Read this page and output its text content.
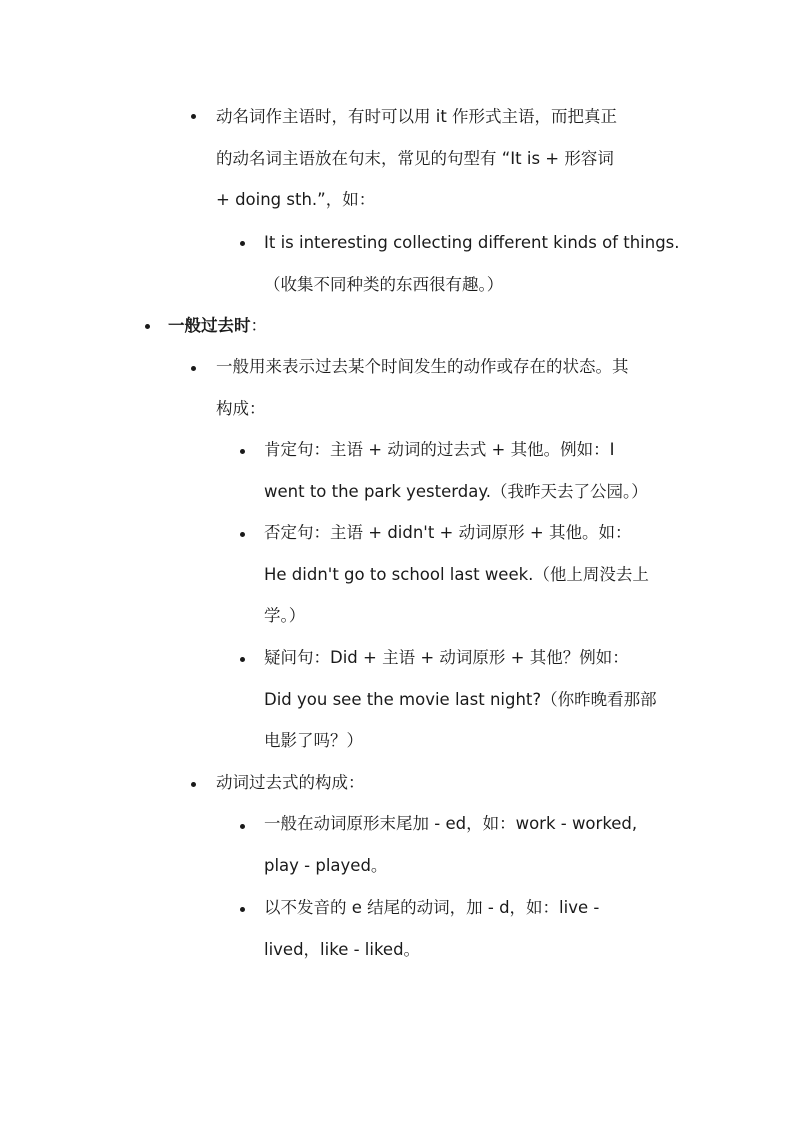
动名词作主语时，有时可以用 it 作形式主语，而把真正
的动名词主语放在句末，常见的句型有 “It is + 形容词
+ doing sth.”，如：
It is interesting collecting different kinds of things.
（收集不同种类的东西很有趣。）
一般过去时：
一般用来表示过去某个时间发生的动作或存在的状态。其
构成：
肯定句：主语 + 动词的过去式 + 其他。例如：I
went to the park yesterday.（我昨天去了公园。）
否定句：主语 + didn't + 动词原形 + 其他。如：
He didn't go to school last week.（他上周没去上
学。）
疑问句：Did + 主语 + 动词原形 + 其他？例如：
Did you see the movie last night?（你昨晚看那部
电影了吗？）
动词过去式的构成：
一般在动词原形末尾加 - ed，如：work - worked,
play - played。
以不发音的 e 结尾的动词，加 - d，如：live -
lived，like - liked。
